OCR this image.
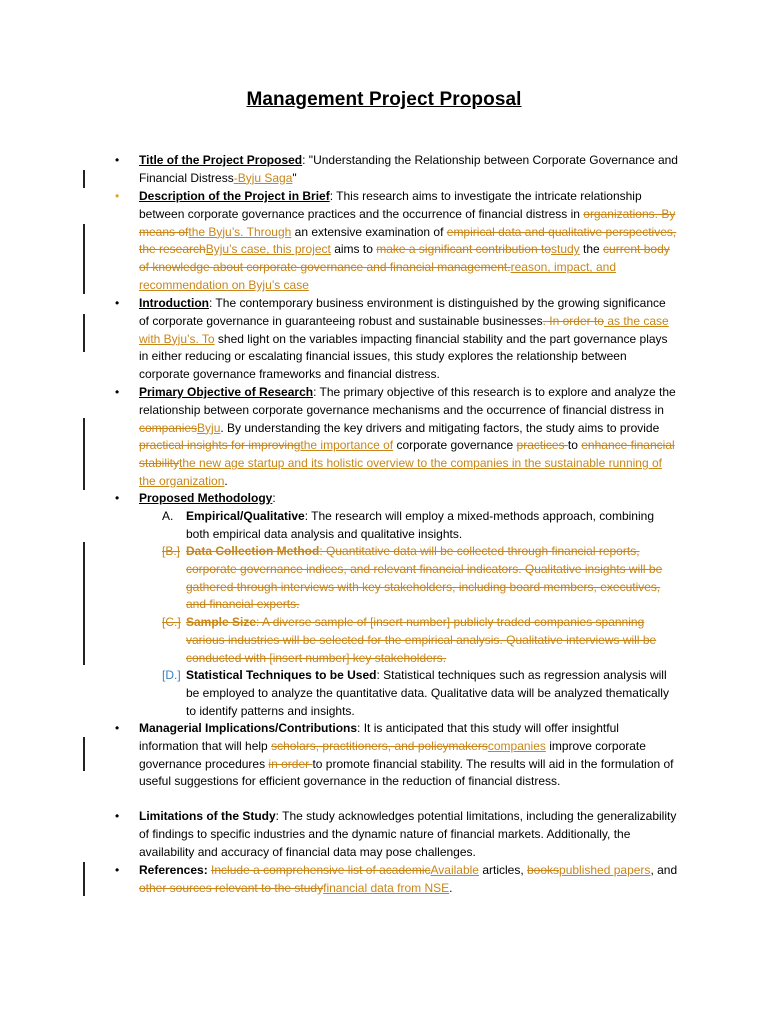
Management Project Proposal
• Title of the Project Proposed: "Understanding the Relationship between Corporate Governance and Financial Distress-Byju Saga"
• Description of the Project in Brief: This research aims to investigate the intricate relationship between corporate governance practices and the occurrence of financial distress in organizations. By means ofthe Byju’s. Through an extensive examination of empirical data and qualitative perspectives, the researchByju’s case, this project aims to make a significant contribution tostudy the current body of knowledge about corporate governance and financial management.reason, impact, and recommendation on Byju’s case
• Introduction: The contemporary business environment is distinguished by the growing significance of corporate governance in guaranteeing robust and sustainable businesses. In order to as the case with Byju’s. To shed light on the variables impacting financial stability and the part governance plays in either reducing or escalating financial issues, this study explores the relationship between corporate governance frameworks and financial distress.
• Primary Objective of Research: The primary objective of this research is to explore and analyze the relationship between corporate governance mechanisms and the occurrence of financial distress in companiesByju. By understanding the key drivers and mitigating factors, the study aims to provide practical insights for improvingthe importance of corporate governance practices to enhance financial stabilitythe new age startup and its holistic overview to the companies in the sustainable running of the organization.
• Proposed Methodology:
A. Empirical/Qualitative: The research will employ a mixed-methods approach, combining both empirical data analysis and qualitative insights.
[B.] Data Collection Method: Quantitative data will be collected through financial reports, corporate governance indices, and relevant financial indicators. Qualitative insights will be gathered through interviews with key stakeholders, including board members, executives, and financial experts.
[C.] Sample Size: A diverse sample of [insert number] publicly traded companies spanning various industries will be selected for the empirical analysis. Qualitative interviews will be conducted with [insert number] key stakeholders.
[D.] Statistical Techniques to be Used: Statistical techniques such as regression analysis will be employed to analyze the quantitative data. Qualitative data will be analyzed thematically to identify patterns and insights.
• Managerial Implications/Contributions: It is anticipated that this study will offer insightful information that will help scholars, practitioners, and policymakerscompanies improve corporate governance procedures in order to promote financial stability. The results will aid in the formulation of useful suggestions for efficient governance in the reduction of financial distress.
• Limitations of the Study: The study acknowledges potential limitations, including the generalizability of findings to specific industries and the dynamic nature of financial markets. Additionally, the availability and accuracy of financial data may pose challenges.
• References: Include a comprehensive list of academicAvailable articles, bookspublished papers, and other sources relevant to the studyfinancial data from NSE.
